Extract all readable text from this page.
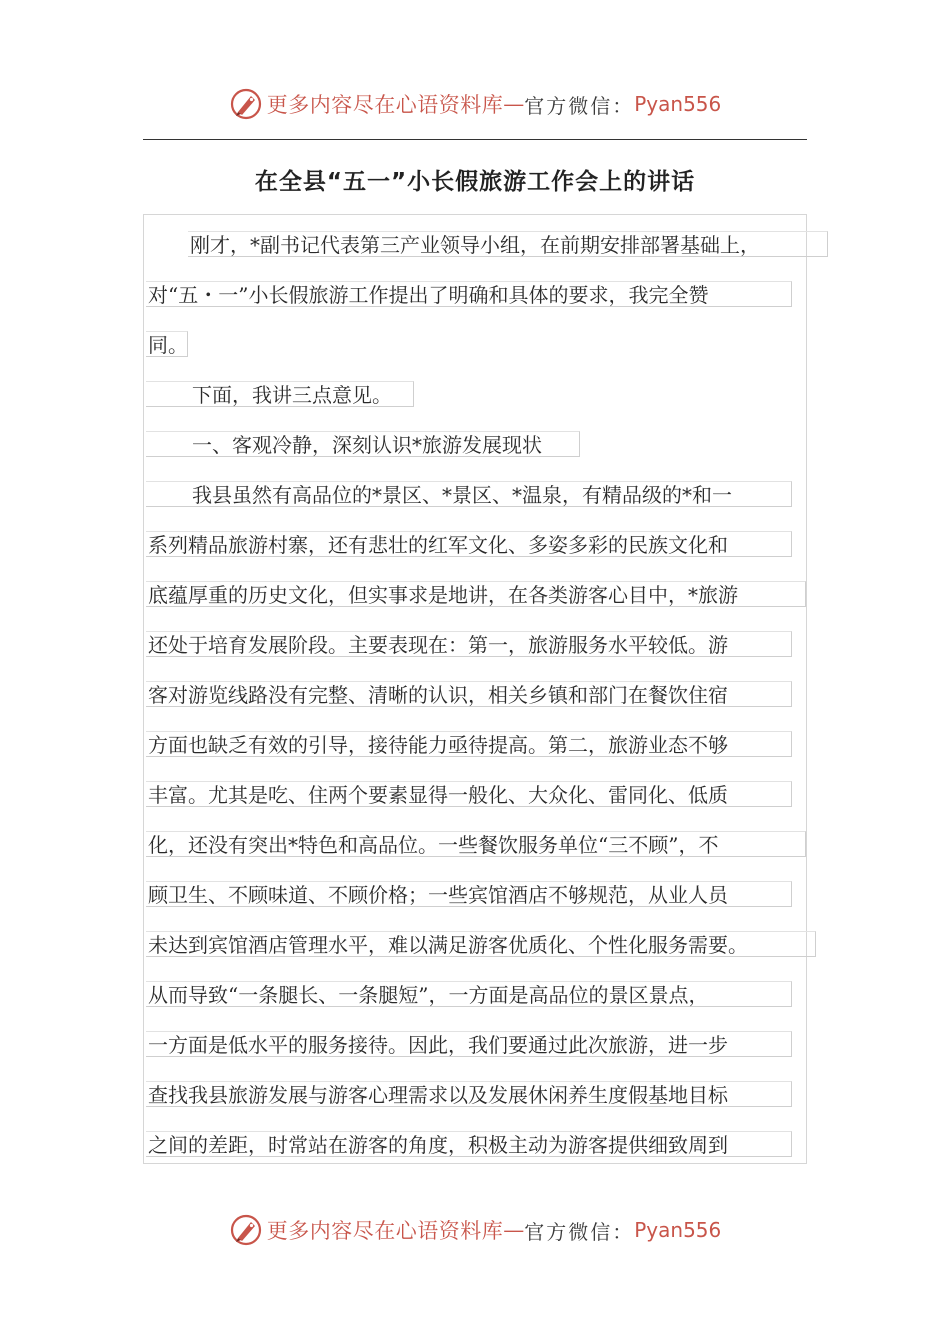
更多内容尽在心语资料库 — 官方微信： Pyan556
在全县“五一”小长假旅游工作会上的讲话
刚才，*副书记代表第三产业领导小组，在前期安排部署基础上，
对“五・一”小长假旅游工作提出了明确和具体的要求，我完全赞
同。
下面，我讲三点意见。
一、客观冷静，深刻认识*旅游发展现状
我县虽然有高品位的*景区、*景区、*温泉，有精品级的*和一
系列精品旅游村寨，还有悲壮的红军文化、多姿多彩的民族文化和
底蕴厚重的历史文化，但实事求是地讲，在各类游客心目中，*旅游
还处于培育发展阶段。主要表现在：第一，旅游服务水平较低。游
客对游览线路没有完整、清晰的认识，相关乡镇和部门在餐饮住宿
方面也缺乏有效的引导，接待能力亟待提高。第二，旅游业态不够
丰富。尤其是吃、住两个要素显得一般化、大众化、雷同化、低质
化，还没有突出*特色和高品位。一些餐饮服务单位“三不顾”，不
顾卫生、不顾味道、不顾价格；一些宾馆酒店不够规范，从业人员
未达到宾馆酒店管理水平，难以满足游客优质化、个性化服务需要。
从而导致“一条腿长、一条腿短”，一方面是高品位的景区景点，
一方面是低水平的服务接待。因此，我们要通过此次旅游，进一步
查找我县旅游发展与游客心理需求以及发展休闲养生度假基地目标
之间的差距，时常站在游客的角度，积极主动为游客提供细致周到
更多内容尽在心语资料库 — 官方微信： Pyan556
